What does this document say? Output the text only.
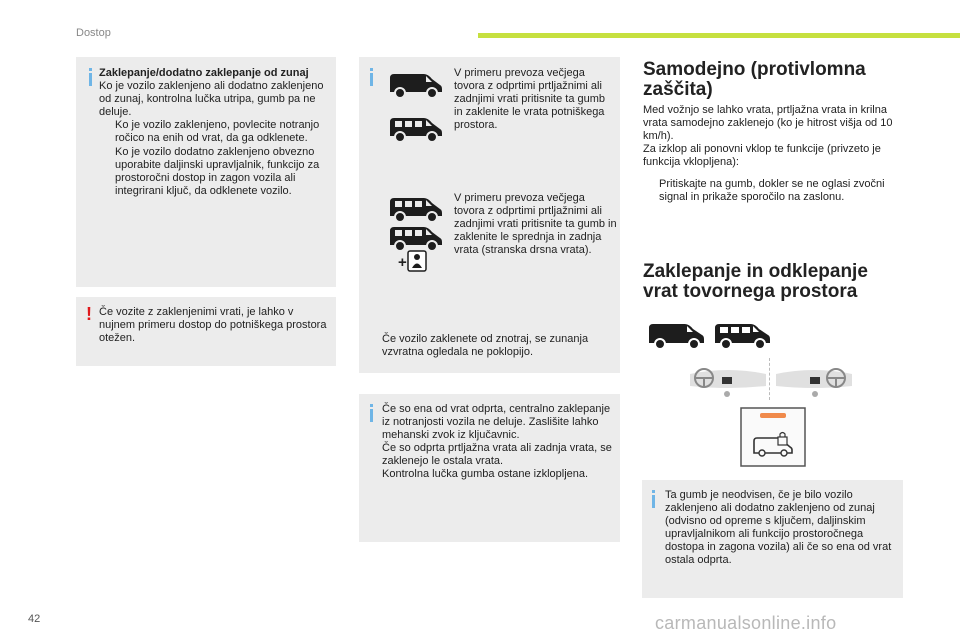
Dostop
Zaklepanje/dodatno zaklepanje od zunaj
Ko je vozilo zaklenjeno ali dodatno zaklenjeno od zunaj, kontrolna lučka utripa, gumb pa ne deluje.
Ko je vozilo zaklenjeno, povlecite notranjo ročico na enih od vrat, da ga odklenete.
Ko je vozilo dodatno zaklenjeno obvezno uporabite daljinski upravljalnik, funkcijo za prostoročni dostop in zagon vozila ali integrirani ključ, da odklenete vozilo.
! Če vozite z zaklenjenimi vrati, je lahko v nujnem primeru dostop do potniškega prostora otežen.
V primeru prevoza večjega tovora z odprtimi prtljažnimi ali zadnjimi vrati pritisnite ta gumb in zaklenite le vrata potniškega prostora.
+
V primeru prevoza večjega tovora z odprtimi prtljažnimi ali zadnjimi vrati pritisnite ta gumb in zaklenite le sprednja in zadnja vrata (stranska drsna vrata).
Če vozilo zaklenete od znotraj, se zunanja vzvratna ogledala ne poklopijo.
Če so ena od vrat odprta, centralno zaklepanje iz notranjosti vozila ne deluje. Zaslišite lahko mehanski zvok iz ključavnic.
Če so odprta prtljažna vrata ali zadnja vrata, se zaklenejo le ostala vrata.
Kontrolna lučka gumba ostane izklopljena.
Samodejno (protivlomna zaščita)
Med vožnjo se lahko vrata, prtljažna vrata in krilna vrata samodejno zaklenejo (ko je hitrost višja od 10 km/h).
Za izklop ali ponovni vklop te funkcije (privzeto je funkcija vklopljena):
Pritiskajte na gumb, dokler se ne oglasi zvočni signal in prikaže sporočilo na zaslonu.
Zaklepanje in odklepanje vrat tovornega prostora
Ta gumb je neodvisen, če je bilo vozilo zaklenjeno ali dodatno zaklenjeno od zunaj (odvisno od opreme s ključem, daljinskim upravljalnikom ali funkcijo prostoročnega dostopa in zagona vozila) ali če so ena od vrat ostala odprta.
42	carmanualsonline.info
